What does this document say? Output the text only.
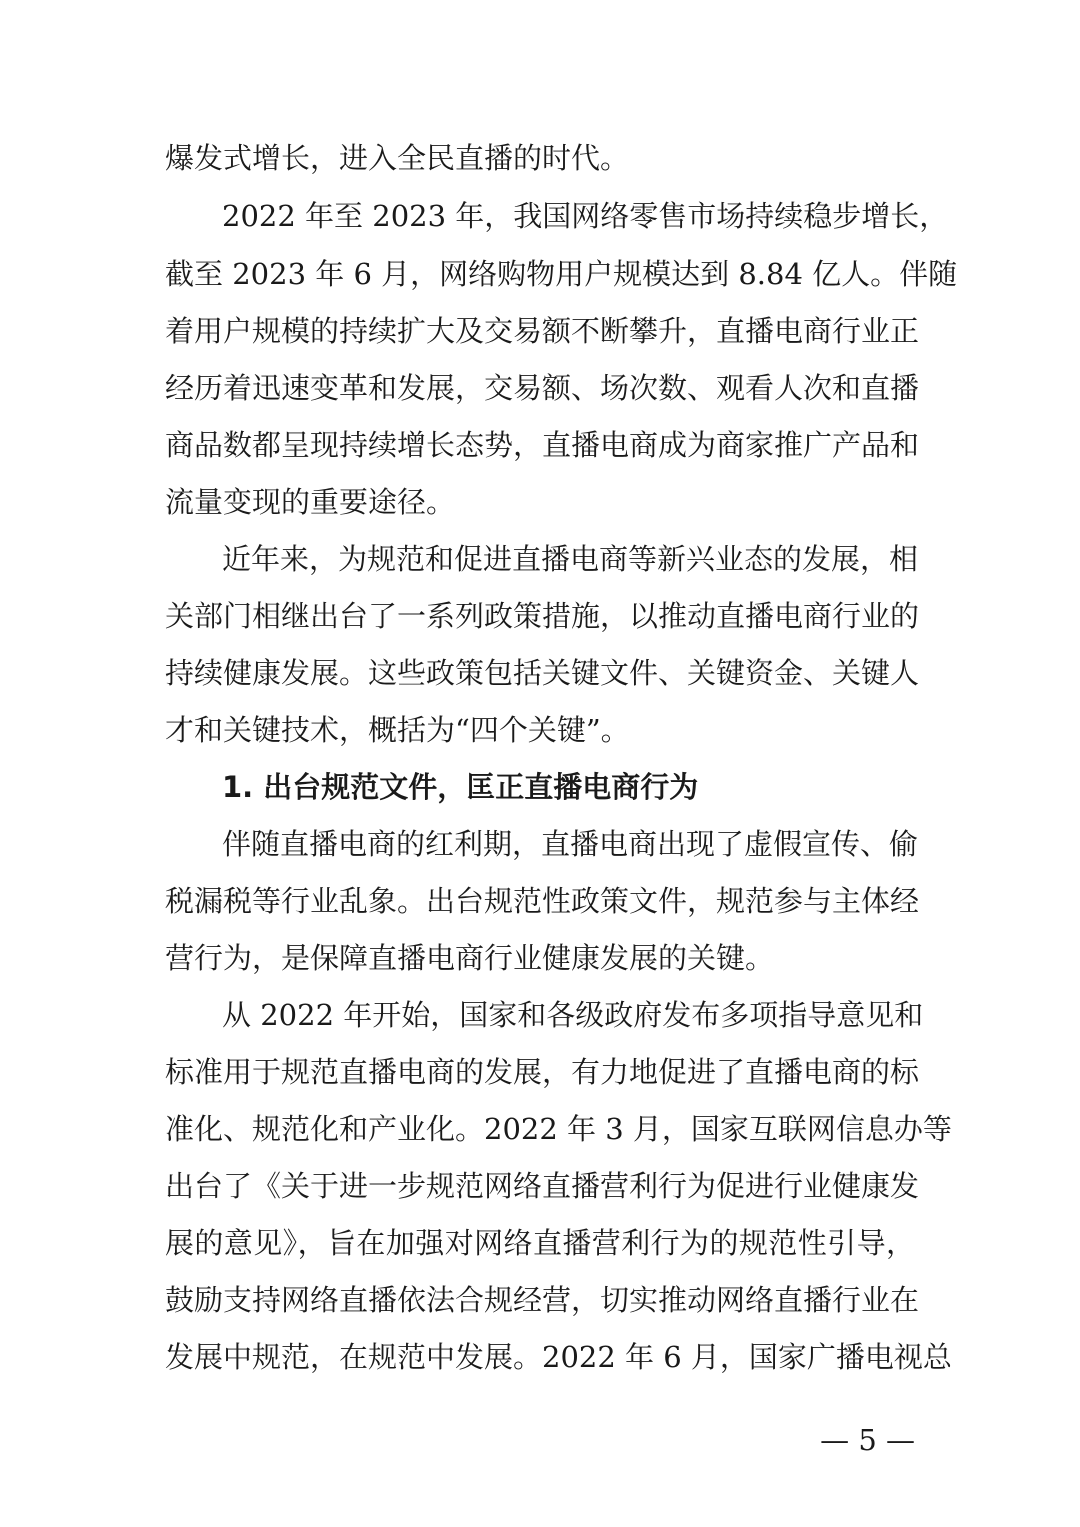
爆发式增长，进入全民直播的时代。
2022 年至 2023 年，我国网络零售市场持续稳步增长，
截至 2023 年 6 月，网络购物用户规模达到 8.84 亿人。伴随
着用户规模的持续扩大及交易额不断攀升，直播电商行业正
经历着迅速变革和发展，交易额、场次数、观看人次和直播
商品数都呈现持续增长态势，直播电商成为商家推广产品和
流量变现的重要途径。
近年来，为规范和促进直播电商等新兴业态的发展，相
关部门相继出台了一系列政策措施，以推动直播电商行业的
持续健康发展。这些政策包括关键文件、关键资金、关键人
才和关键技术，概括为“四个关键”。
1. 出台规范文件，匡正直播电商行为
伴随直播电商的红利期，直播电商出现了虚假宣传、偷
税漏税等行业乱象。出台规范性政策文件，规范参与主体经
营行为，是保障直播电商行业健康发展的关键。
从 2022 年开始，国家和各级政府发布多项指导意见和
标准用于规范直播电商的发展，有力地促进了直播电商的标
准化、规范化和产业化。2022 年 3 月，国家互联网信息办等
出台了《关于进一步规范网络直播营利行为促进行业健康发
展的意见》，旨在加强对网络直播营利行为的规范性引导，
鼓励支持网络直播依法合规经营，切实推动网络直播行业在
发展中规范，在规范中发展。2022 年 6 月，国家广播电视总
— 5 —
